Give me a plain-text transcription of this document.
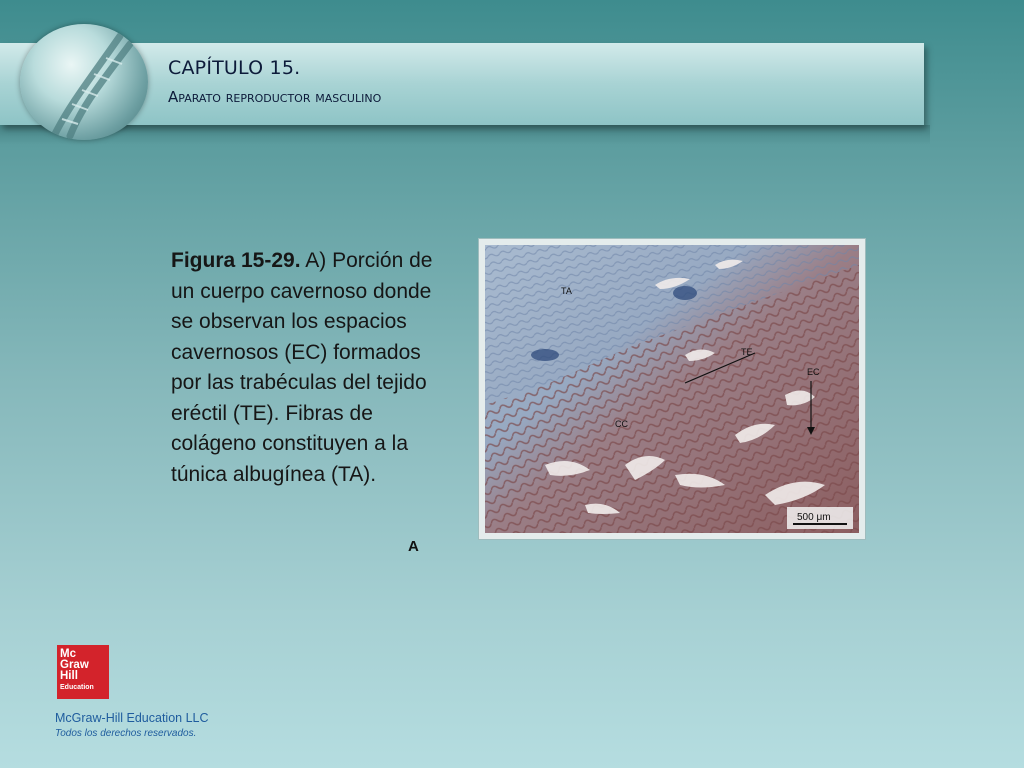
CAPÍTULO 15.
Aparato reproductor masculino
Figura 15-29. A) Porción de un cuerpo cavernoso donde se observan los espacios cavernosos (EC) formados por las trabéculas del tejido eréctil (TE). Fibras de colágeno constituyen a la túnica albugínea (TA).
A
TA
TE
EC
CC
500 μm
Mc
Graw
Hill
Education
McGraw-Hill Education LLC
Todos los derechos reservados.
